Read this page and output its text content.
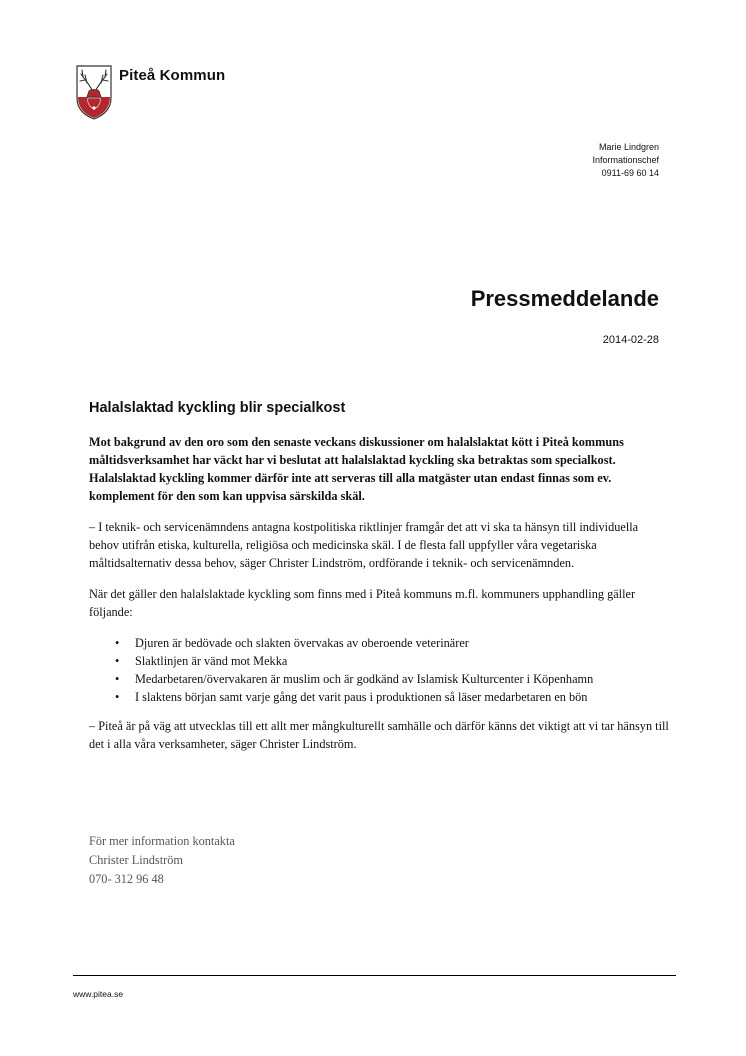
Piteå Kommun
Marie Lindgren
Informationschef
0911-69 60 14
Pressmeddelande
2014-02-28
Halalslaktad kyckling blir specialkost

Mot bakgrund av den oro som den senaste veckans diskussioner om halalslaktat kött i Piteå kommuns måltidsverksamhet har väckt har vi beslutat att halalslaktad kyckling ska betraktas som specialkost. Halalslaktad kyckling kommer därför inte att serveras till alla matgäster utan endast finnas som ev. komplement för den som kan uppvisa särskilda skäl.

– I teknik- och servicenämndens antagna kostpolitiska riktlinjer framgår det att vi ska ta hänsyn till individuella behov utifrån etiska, kulturella, religiösa och medicinska skäl. I de flesta fall uppfyller våra vegetariska måltidsalternativ dessa behov, säger Christer Lindström, ordförande i teknik- och servicenämnden.

När det gäller den halalslaktade kyckling som finns med i Piteå kommuns m.fl. kommuners upphandling gäller följande:

• Djuren är bedövade och slakten övervakas av oberoende veterinärer
• Slaktlinjen är vänd mot Mekka
• Medarbetaren/övervakaren är muslim och är godkänd av Islamisk Kulturcenter i Köpenhamn
• I slaktens början samt varje gång det varit paus i produktionen så läser medarbetaren en bön

– Piteå är på väg att utvecklas till ett allt mer mångkulturellt samhälle och därför känns det viktigt att vi tar hänsyn till det i alla våra verksamheter, säger Christer Lindström.

För mer information kontakta
Christer Lindström
070- 312 96 48
www.pitea.se
